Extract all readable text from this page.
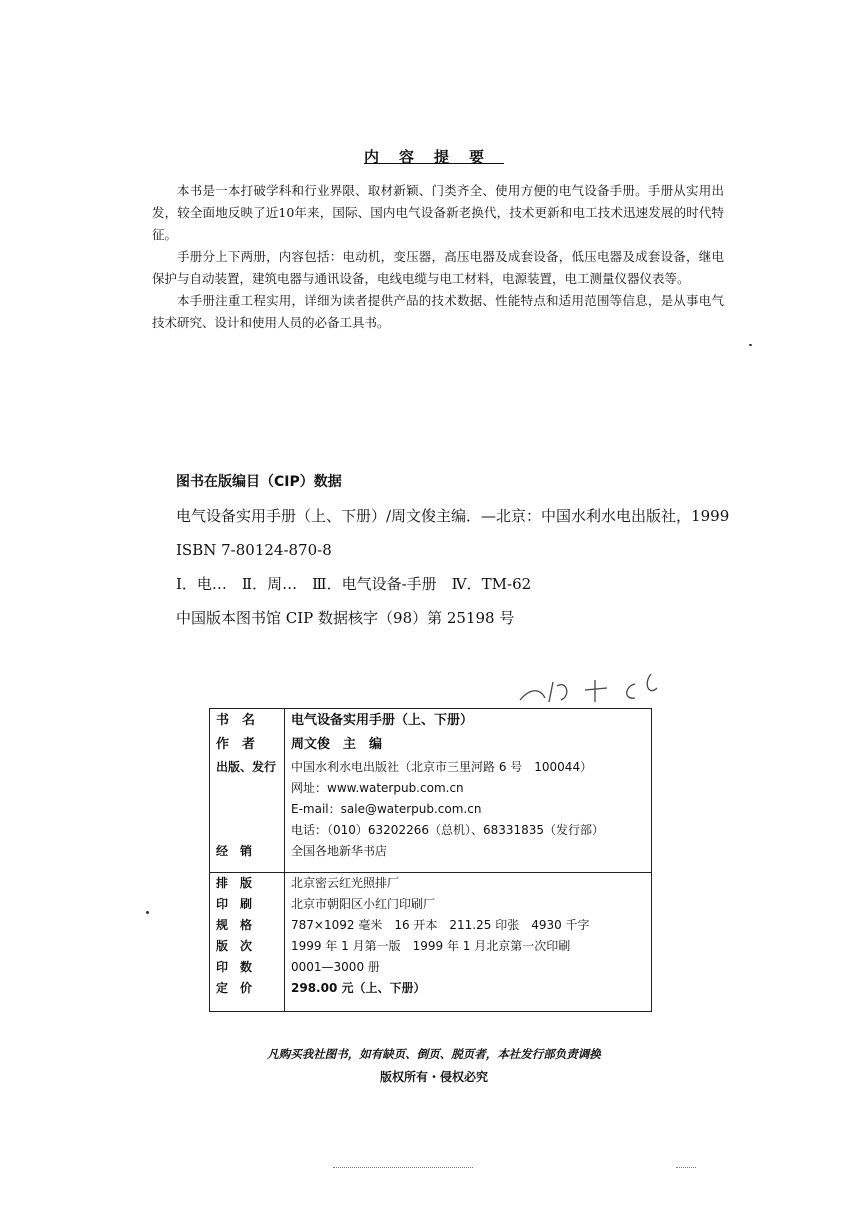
内容提要

本书是一本打破学科和行业界限、取材新颖、门类齐全、使用方便的电气设备手册。手册从实用出发，较全面地反映了近10年来，国际、国内电气设备新老换代，技术更新和电工技术迅速发展的时代特征。

手册分上下两册，内容包括：电动机，变压器，高压电器及成套设备，低压电器及成套设备，继电保护与自动装置，建筑电器与通讯设备，电线电缆与电工材料，电源装置，电工测量仪器仪表等。

本手册注重工程实用，详细为读者提供产品的技术数据、性能特点和适用范围等信息，是从事电气技术研究、设计和使用人员的必备工具书。

图书在版编目（CIP）数据

电气设备实用手册（上、下册）/周文俊主编．—北京：中国水利水电出版社，1999

ISBN 7-80124-870-8

Ⅰ．电…　Ⅱ．周…　Ⅲ．电气设备-手册　Ⅳ．TM-62

中国版本图书馆 CIP 数据核字（98）第 25198 号

书　名	电气设备实用手册（上、下册）

作　者	周文俊　主　编

出版、发行	中国水利水电出版社（北京市三里河路 6 号　100044）
	网址：www.waterpub.com.cn
	E-mail：sale@waterpub.com.cn
	电话：（010）63202266（总机）、68331835（发行部）

经　销	全国各地新华书店

排　版	北京密云红光照排厂

印　刷	北京市朝阳区小红门印刷厂

规　格	787×1092 毫米　16 开本　211.25 印张　4930 千字

版　次	1999 年 1 月第一版　1999 年 1 月北京第一次印刷

印　数	0001—3000 册

定　价	298.00 元（上、下册）

凡购买我社图书，如有缺页、倒页、脱页者，本社发行部负责调换
版权所有・侵权必究
